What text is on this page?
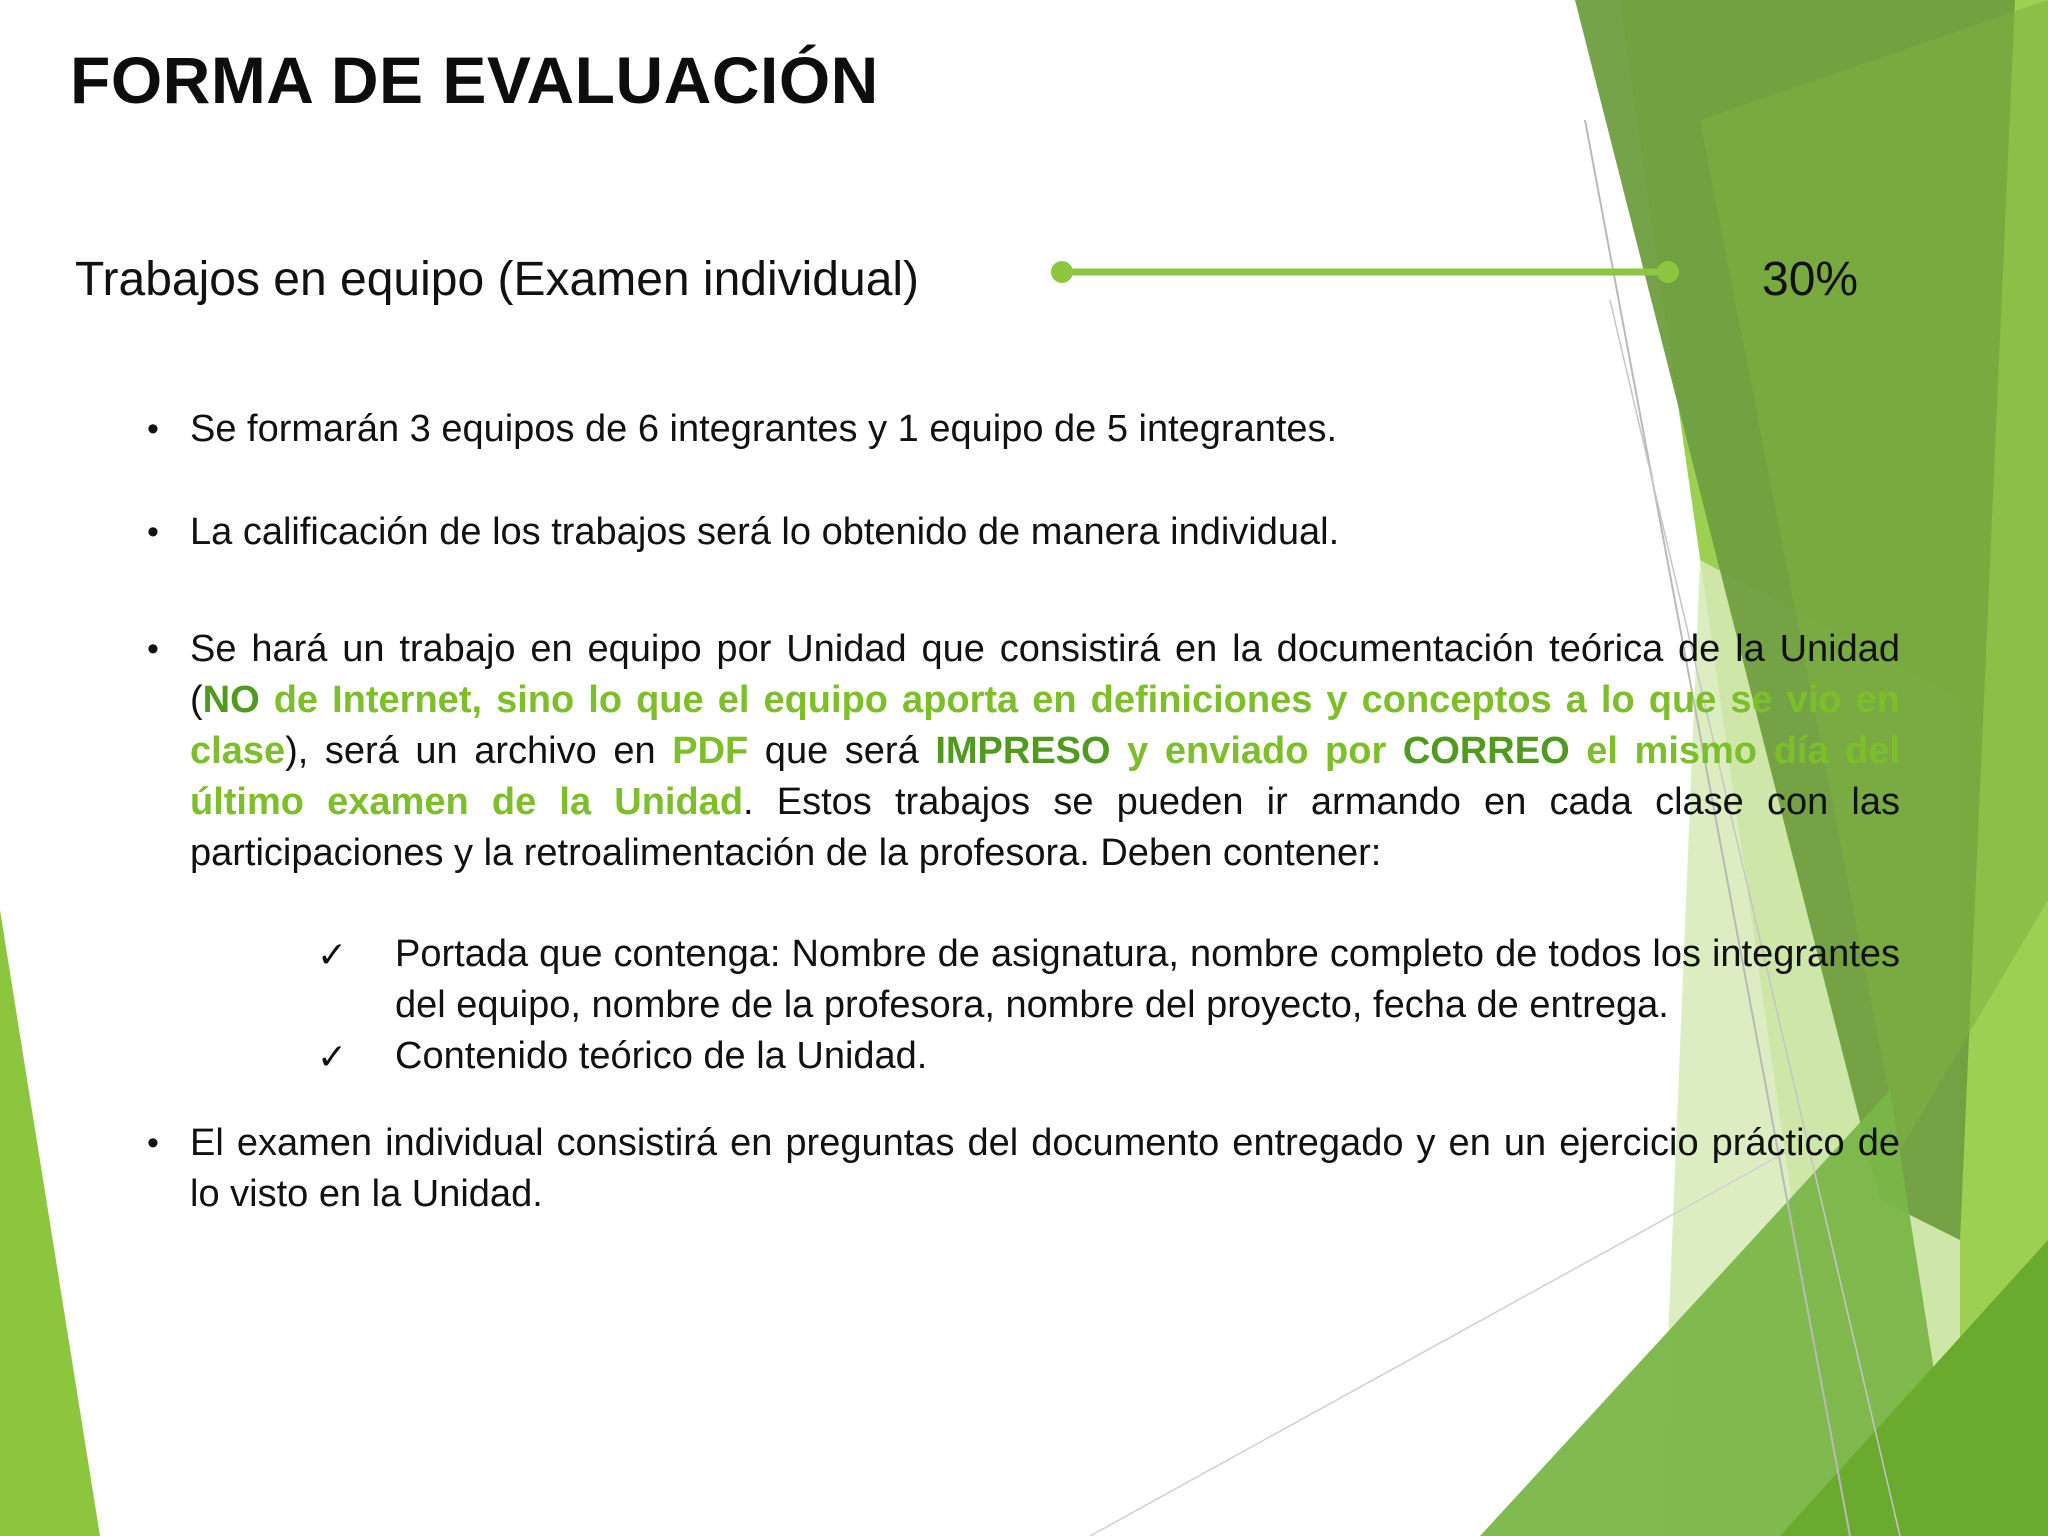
FORMA DE EVALUACIÓN
Trabajos en equipo (Examen individual)	30%
• Se formarán 3 equipos de 6 integrantes y 1 equipo de 5 integrantes.
• La calificación de los trabajos será lo obtenido de manera individual.
• Se hará un trabajo en equipo por Unidad que consistirá en la documentación teórica de la Unidad (NO de Internet, sino lo que el equipo aporta en definiciones y conceptos a lo que se vio en clase), será un archivo en PDF que será IMPRESO y enviado por CORREO el mismo día del último examen de la Unidad. Estos trabajos se pueden ir armando en cada clase con las participaciones y la retroalimentación de la profesora. Deben contener:
✓ Portada que contenga: Nombre de asignatura, nombre completo de todos los integrantes del equipo, nombre de la profesora, nombre del proyecto, fecha de entrega.
✓ Contenido teórico de la Unidad.
• El examen individual consistirá en preguntas del documento entregado y en un ejercicio práctico de lo visto en la Unidad.
